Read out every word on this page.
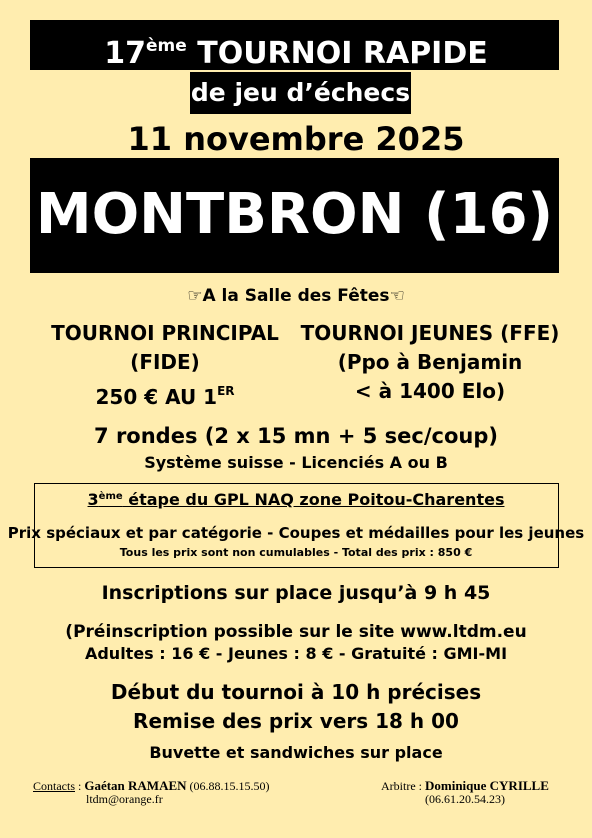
17ème TOURNOI RAPIDE
de jeu d’échecs
11 novembre 2025
MONTBRON (16)
☞A la Salle des Fêtes☜
TOURNOI PRINCIPAL
(FIDE)
250 € AU 1ER
TOURNOI JEUNES (FFE)
(Ppo à Benjamin
< à 1400 Elo)
7 rondes (2 x 15 mn + 5 sec/coup)
Système suisse - Licenciés A ou B
3ème étape du GPL NAQ zone Poitou-Charentes
Prix spéciaux et par catégorie - Coupes et médailles pour les jeunes
Tous les prix sont non cumulables - Total des prix : 850 €
Inscriptions sur place jusqu’à 9 h 45
(Préinscription possible sur le site www.ltdm.eu
Adultes : 16 € - Jeunes : 8 € - Gratuité : GMI-MI
Début du tournoi à 10 h précises
Remise des prix vers 18 h 00
Buvette et sandwiches sur place
Contacts : Gaétan RAMAEN (06.88.15.15.50)
ltdm@orange.fr
Arbitre : Dominique CYRILLE
(06.61.20.54.23)
